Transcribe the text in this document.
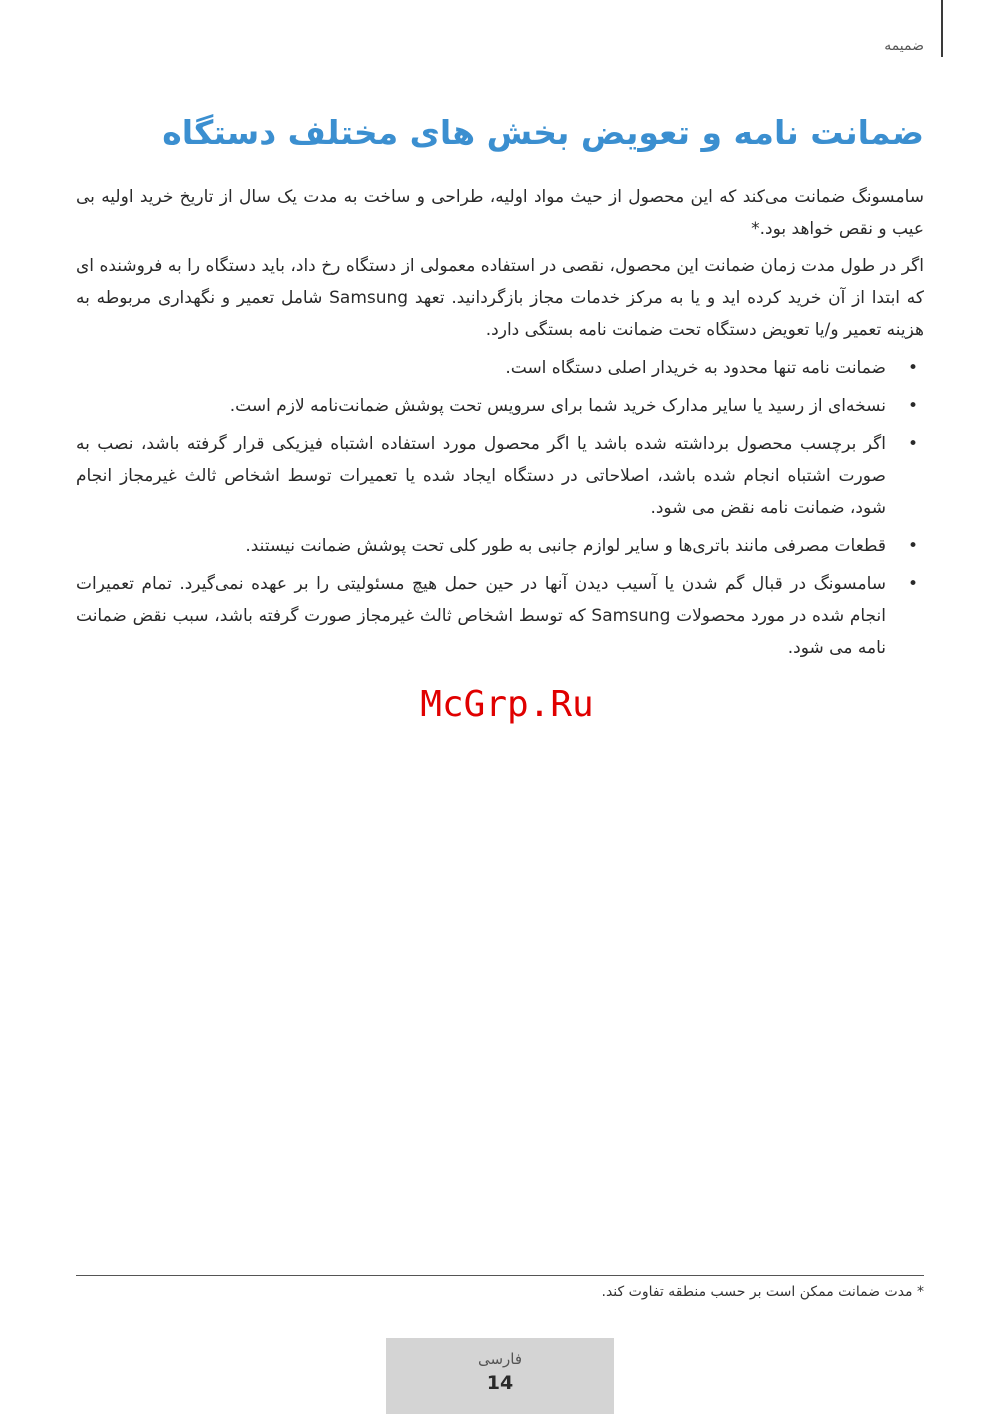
ضمیمه
ضمانت نامه و تعویض بخش های مختلف دستگاه

سامسونگ ضمانت می‌کند که این محصول از حیث مواد اولیه، طراحی و ساخت به مدت یک سال از تاریخ خرید اولیه بی عیب و نقص خواهد بود.*

اگر در طول مدت زمان ضمانت این محصول، نقصی در استفاده معمولی از دستگاه رخ داد، باید دستگاه را به فروشنده ای که ابتدا از آن خرید کرده اید و یا به مرکز خدمات مجاز بازگردانید. تعهد Samsung شامل تعمیر و نگهداری مربوطه به هزینه تعمیر و/یا تعویض دستگاه تحت ضمانت نامه بستگی دارد.

•
ضمانت نامه تنها محدود به خریدار اصلی دستگاه است.
•
نسخه‌ای از رسید یا سایر مدارک خرید شما برای سرویس تحت پوشش ضمانت‌نامه لازم است.
•
اگر برچسب محصول برداشته شده باشد یا اگر محصول مورد استفاده اشتباه فیزیکی قرار گرفته باشد، نصب به صورت اشتباه انجام شده باشد، اصلاحاتی در دستگاه ایجاد شده یا تعمیرات توسط اشخاص ثالث غیرمجاز انجام شود، ضمانت نامه نقض می شود.
•
قطعات مصرفی مانند باتری‌ها و سایر لوازم جانبی به طور کلی تحت پوشش ضمانت نیستند.
•
سامسونگ در قبال گم شدن یا آسیب دیدن آنها در حین حمل هیچ مسئولیتی را بر عهده نمی‌گیرد. تمام تعمیرات انجام شده در مورد محصولات Samsung که توسط اشخاص ثالث غیرمجاز صورت گرفته باشد، سبب نقض ضمانت نامه می شود.

McGrp.Ru

* مدت ضمانت ممکن است بر حسب منطقه تفاوت کند.

فارسی
14
